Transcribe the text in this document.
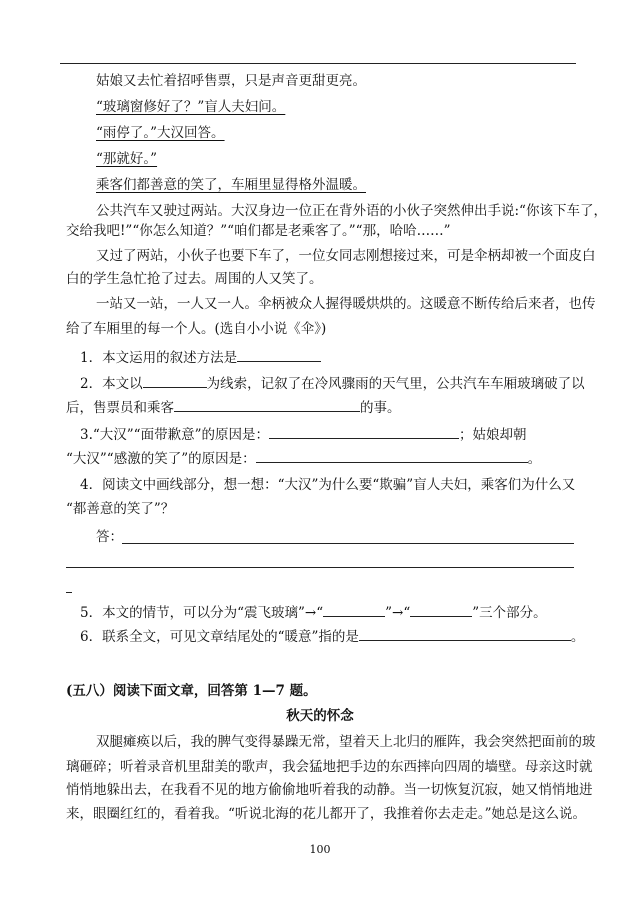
姑娘又去忙着招呼售票，只是声音更甜更亮。
“玻璃窗修好了？”盲人夫妇问。
“雨停了。”大汉回答。
“那就好。”
乘客们都善意的笑了，车厢里显得格外温暖。
公共汽车又驶过两站。大汉身边一位正在背外语的小伙子突然伸出手说:“你该下车了，
交给我吧!”“你怎么知道？”“咱们都是老乘客了。”“那，哈哈……”
又过了两站，小伙子也要下车了，一位女同志刚想接过来，可是伞柄却被一个面皮白
白的学生急忙抢了过去。周围的人又笑了。
一站又一站，一人又一人。伞柄被众人握得暖烘烘的。这暖意不断传给后来者，也传
给了车厢里的每一个人。(选自小小说《伞》)
1．本文运用的叙述方法是
2．本文以	为线索，记叙了在冷风骤雨的天气里，公共汽车车厢玻璃破了以
后，售票员和乘客	的事。
3.“大汉”“面带歉意”的原因是：	；姑娘却朝
“大汉”“感激的笑了”的原因是：	。
4．阅读文中画线部分，想一想：“大汉”为什么要“欺骗”盲人夫妇，乘客们为什么又
“都善意的笑了”？
答：
5．本文的情节，可以分为“震飞玻璃”→“	”→“	”三个部分。
6．联系全文，可见文章结尾处的“暖意”指的是	。
(五八）阅读下面文章，回答第 1—7 题。
秋天的怀念
双腿瘫痪以后，我的脾气变得暴躁无常，望着天上北归的雁阵，我会突然把面前的玻
璃砸碎；听着录音机里甜美的歌声，我会猛地把手边的东西摔向四周的墙壁。母亲这时就
悄悄地躲出去，在我看不见的地方偷偷地听着我的动静。当一切恢复沉寂，她又悄悄地进
来，眼圈红红的，看着我。“听说北海的花儿都开了，我推着你去走走。”她总是这么说。
100
